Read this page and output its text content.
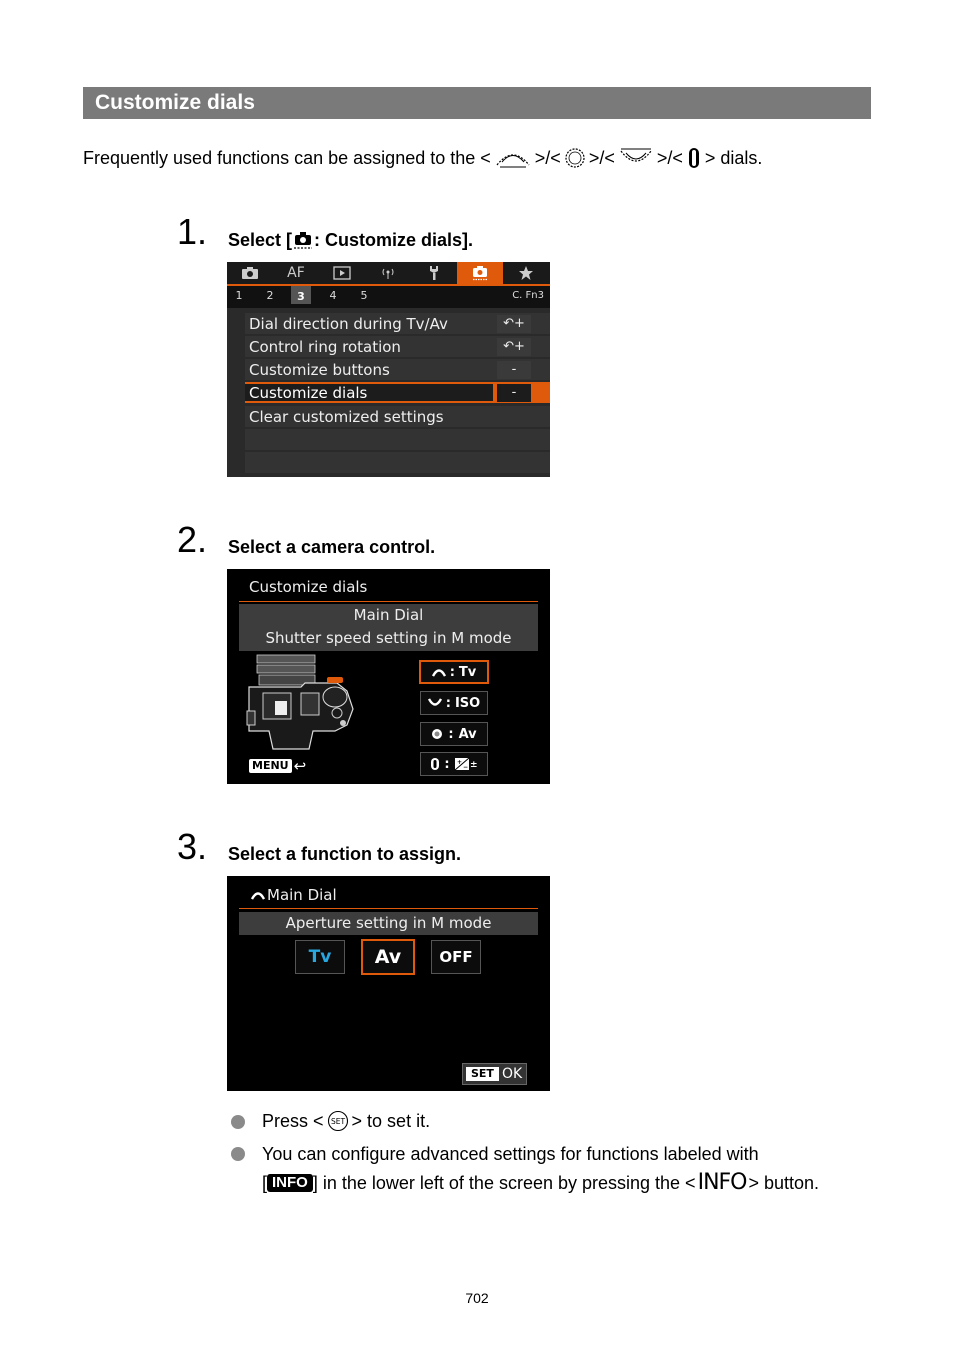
Customize dials
Frequently used functions can be assigned to the < >/< >/< >/< > dials.
1. Select [ : Customize dials].
AF
1	2	3	4	5	C. Fn3
Dial direction during Tv/Av	↶+
Control ring rotation	↶+
Customize buttons	-
Customize dials	-
Clear customized settings
2. Select a camera control.
Customize dials
Main Dial
Shutter speed setting in M mode
MENU ↩
: Tv
: ISO
: Av
: +
− ±
3. Select a function to assign.
Main Dial
Aperture setting in M mode
Tv	Av	OFF
SET OK
Press < SET > to set it.
You can configure advanced settings for functions labeled with
[ INFO ] in the lower left of the screen by pressing the < INFO > button.
702
